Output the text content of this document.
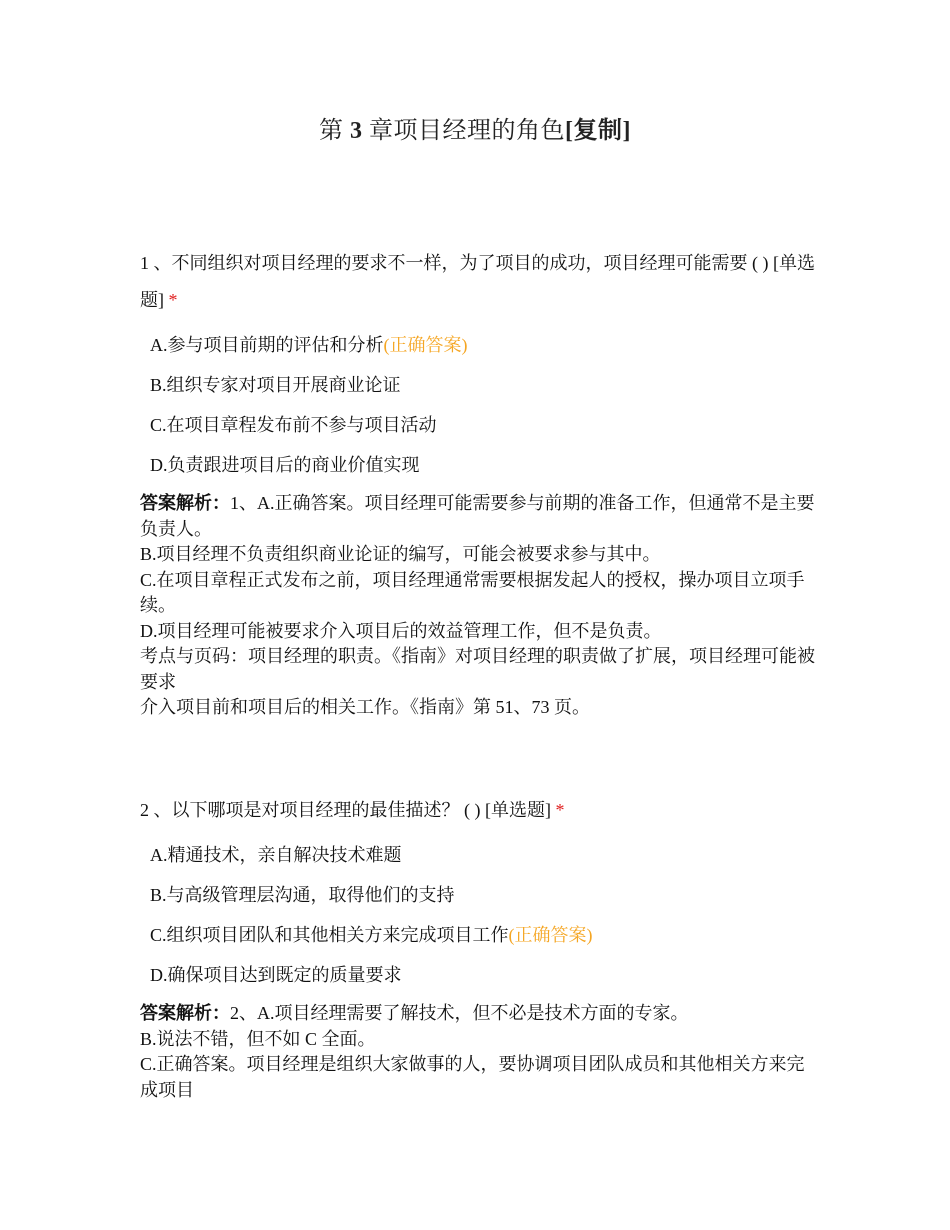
第 3 章项目经理的角色[复制]
1 、不同组织对项目经理的要求不一样，为了项目的成功，项目经理可能需要 ( ) [单选题] *
A.参与项目前期的评估和分析(正确答案)
B.组织专家对项目开展商业论证
C.在项目章程发布前不参与项目活动
D.负责跟进项目后的商业价值实现
答案解析：1、A.正确答案。项目经理可能需要参与前期的准备工作，但通常不是主要负责人。
B.项目经理不负责组织商业论证的编写，可能会被要求参与其中。
C.在项目章程正式发布之前，项目经理通常需要根据发起人的授权，操办项目立项手续。
D.项目经理可能被要求介入项目后的效益管理工作，但不是负责。
考点与页码：项目经理的职责。《指南》对项目经理的职责做了扩展，项目经理可能被要求
介入项目前和项目后的相关工作。《指南》第 51、73 页。
2 、以下哪项是对项目经理的最佳描述？ ( ) [单选题] *
A.精通技术，亲自解决技术难题
B.与高级管理层沟通，取得他们的支持
C.组织项目团队和其他相关方来完成项目工作(正确答案)
D.确保项目达到既定的质量要求
答案解析：2、A.项目经理需要了解技术，但不必是技术方面的专家。
B.说法不错，但不如 C 全面。
C.正确答案。项目经理是组织大家做事的人，要协调项目团队成员和其他相关方来完成项目
